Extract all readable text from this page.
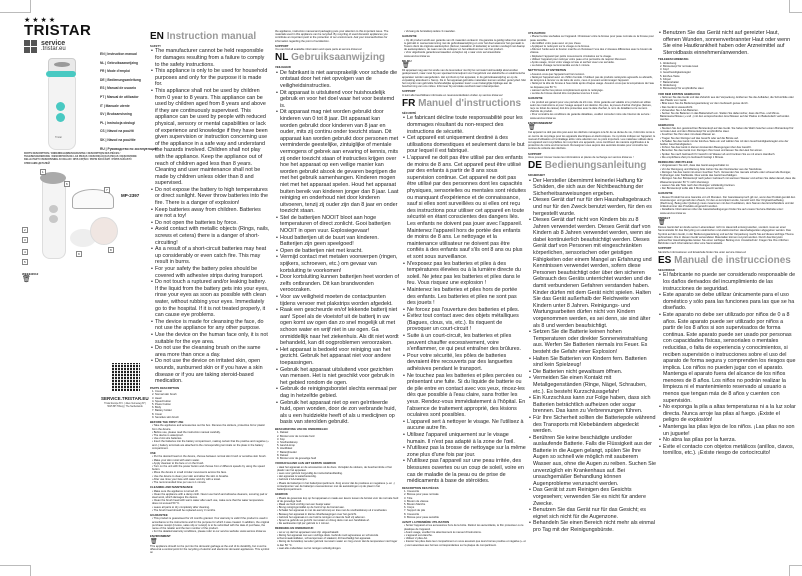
★★★★
TRISTAR
service
.tristar.eu
Tristar
EN | Instruction manual
NL | Gebruiksaanwijzing
FR | Mode d'emploi
DE | Bedienungsanleitung
ES | Manual de usuario
PT | Manual de utilizador
IT | Manuale utente
SV | Bruksanvisning
PL | Instrukcja obsługi
CS | Návod na použití
SK | Návod na použitie
RU | Руководство по эксплуатации
MP-2397
PARTS DESCRIPTION / ONDERDELENBESCHRIJVING / DESCRIPTION DES PIÈCES / TEILEBESCHREIBUNG / DESCRIPCIÓN DE LAS PIEZAS / DESCRIÇÃO DAS PEÇAS / DESCRIZIONE DELLE PARTI / BESKRIVNING AV DELAR / OPIS CZĘŚCI / POPIS SOUČÁSTÍ / POPIS SÚČASTÍ / ОПИСАНИЕ ДЕТАЛЕЙ
1
2
3
4
5
6
7
8
9
WEEE/2012
🗑
SERVICE.TRISTAR.EU
Tristar Europe B.V. | Jules Verneweg 87 | 5015 BH Tilburg | The Netherlands
EN Instruction manual
SAFETY
• The manufacturer cannot be held responsible for damages resulting from a failure to comply to the safety instructions.
• This appliance is only to be used for household purposes and only for the purpose it is made for.
• This appliance shall not be used by children from 0 year to 8 years. This appliance can be used by children aged from 8 years and above if they are continuously supervised. This appliance can be used by people with reduced physical, sensory or mental capabilities or lack of experience and knowledge if they have been given supervision or instruction concerning use of the appliance in a safe way and understand the hazards involved. Children shall not play with the appliance. Keep the appliance out of reach of children aged less than 8 years. Cleaning and user maintenance shall not be made by children unless older than 8 and supervised.
• Do not expose the battery to high temperatures or direct sunlight. Never throw batteries into the fire. There is a danger of explosion!
• Keep batteries away from children. Batteries are not a toy!
• Do not open the batteries by force.
• Avoid contact with metallic objects (Rings, nails, screws et cetera) there is a danger of short-circuiting!
• As a result of a short-circuit batteries may heat up considerably or even catch fire. This may result in burns.
• For your safety the battery poles should be covered with adhesive strips during transport.
• Do not touch a ruptured and/or leaking battery. If the liquid from the battery gets into your eyes, rinse your eyes as soon as possible with clean water, without rubbing your eyes. Immediately go to the hospital. If it is not treated properly, it can cause eye problems.
• The device is made for cleansing the face, do not use the appliance for any other purpose.
• Use the device on the human face only, it is not suitable for the eye area.
• Do not use the cleansing brush on the same area more than once a day.
• Do not use the device on irritated skin, open wounds, sunburned skin or if you have a skin disease or if you are taking steroid-based medication.
PARTS DESCRIPTION
1. Cover
2. Normal skin brush
3. Head
4. Speed button
5. Power button
6. Body
7. Battery holder
8. Cover
9. Sensitive skin brush
BEFORE THE FIRST USE
• Take the appliance and accessories out the box. Remove the stickers, protective foil or plastic from the device.
• Before use, please read the instruction manual carefully.
• The device is waterproof.
• Use 2 AA size batteries.
• Insert the batteries into the battery compartment, making certain that the positive and negative (+ and -) battery terminals are attached to the corresponding terminals on the plate in the battery compartment.
USE
• Put the desired head on the device, choose between normal skin brush or sensitive skin brush.
• Make your skin moist with warm water.
• Apply cleanser to the face or on the brush.
• Turn on the unit with the power button and choose from 2 different speeds by using the speed button.
• Move the device in small circular movements across the face.
• Use the device to clean your skin and allow the skin to breathe.
• After use rinse your face with water and dry with a towel.
• The recommended time per use is 1 minute.
CLEANING AND MAINTENANCE
• Make sure the appliance is turned off.
• Clean the appliance with a damp cloth. Never use harsh and abrasive cleaners, scouring pad or steel wool, which damages the device.
• Clean the brush head with warm water after each use, make sure that the water temperature does not exceed 50 °C.
• Leave all parts to dry completely after cleaning.
• The brush head should be replaced every 3 months.
GUARANTEE
• This product is guaranteed for 24 months granted. Your warranty is valid if the product is used in accordance to the instructions and for the purpose for which it was created. In addition, the original purchase receipt (invoice, sales slip or receipt) is to be submitted with the date of purchase, the name of the retailer and the item number of the product.
• For the detailed warranty conditions, please refer to our service website: www.service.tristar.eu
ENVIRONMENT
🗑

This appliance should not be put into the domestic garbage at the end of its durability, but must be offered at a central point for the recycling of electric and electronic domestic appliances. This symbol on

the appliance, instruction manual and packaging puts your attention to this important issue. The materials used in this appliance can be recycled. By recycling of used domestic appliances you contribute an important push to the protection of our environment. Ask your local authorities for information regarding the point of recollection.

SUPPORT

You can find all available information and spare parts at service.tristar.eu!

NL Gebruiksaanwijzing
VEILIGHEID
• De fabrikant is niet aansprakelijk voor schade die ontstaat door het niet opvolgen van de veiligheidsinstructies.
• Dit apparaat is uitsluitend voor huishoudelijk gebruik en voor het doel waar het voor bestemd is.
• Dit apparaat mag niet worden gebruikt door kinderen van 0 tot 8 jaar. Dit apparaat kan worden gebruikt door kinderen van 8 jaar en ouder, mits zij continu onder toezicht staan. Dit apparaat kan worden gebruikt door personen met verminderde geestelijke, zintuiglijke of mentale vermogens of gebrek aan ervaring of kennis, mits zij onder toezicht staan of instructies krijgen over hoe het apparaat op een veilige manier kan worden gebruikt alsook de gevaren begrijpen die met het gebruik samenhangen. Kinderen mogen niet met het apparaat spelen. Houd het apparaat buiten bereik van kinderen jonger dan 8 jaar. Laat reiniging en onderhoud niet door kinderen uitvoeren, tenzij zij ouder zijn dan 8 jaar en onder toezicht staan.
• Stel de batterijen NOOIT bloot aan hoge temperaturen of direct zonlicht. Gooi batterijen NOOIT in open vuur. Explosiegevaar!
• Houd batterijen uit de buurt van kinderen. Batterijen zijn geen speelgoed!
• Open de batterijen niet met kracht.
• Vermijd contact met metalen voorwerpen (ringen, spijkers, schroeven, etc.) om gevaar van kortsluiting te voorkomen!
• Door kortsluiting kunnen batterijen heet worden of zelfs ontbranden. Dit kan brandwonden veroorzaken.
• Voor uw veiligheid moeten de contactpunten tijdens vervoer met plakstrips worden afgedekt.
• Raak een gescheurde en/of lekkende batterij niet aan! Spoel als de vloeistof uit de batterij in uw ogen komt uw ogen dan zo snel mogelijk uit met schoon water en wrijf niet in uw ogen. Ga onmiddellijk naar het ziekenhuis. Als dit niet wordt behandeld, kan dit oogproblemen veroorzaken.
• Het apparaat is bedoeld voor reiniging van het gezicht. Gebruik het apparaat niet voor andere toepassingen.
• Gebruik het apparaat uitsluitend voor gezichten van mensen. Het is niet geschikt voor gebruik in het gebied rondom de ogen.
• Gebruik de reinigingsborstel slechts eenmaal per dag in hetzelfde gebied.
• Gebruik het apparaat niet op een geïrriteerde huid, open wonden, door de zon verbrande huid, als u een huidziekte heeft of als u medicijnen op basis van steroïden gebruikt.
BESCHRIJVING VAN DE ONDERDELEN
1. Deksel
2. Borstel voor de normale huid
3. Kop
4. Snelheidsknop
5. Aan/uit-knop
6. Hoofddeel
7. Batterijhouder
8. Deksel
9. Borstel voor de gevoelige huid
VOORAFGAAND AAN HET EERSTE GEBRUIK
• Haal het apparaat en de accessoires uit de doos. Verwijder de stickers, de beschermfolie of het plastic van het apparaat.
• Lees voor gebruik zorgvuldig de instructiehandleiding.
• Het apparaat is waterbestendig.
• Gebruik 2 AA-batterijen.
• Plaats de batterijen in het batterijcompartiment. Zorg ervoor dat de positieve en negatieve (+ en -) contactpunten van de batterijen overeenkomen met de aansluitingen op de plaat in het batterijcompartiment.
GEBRUIK
• Plaats de gewenste kop op het apparaat en maak een keuze tussen de borstel voor de normale huid of de gevoelige huid.
• Maak uw huid vochtig met een beetje water.
• Breng reinigingsmiddel op de huid of op de borstel aan.
• Schakel het apparaat in met de aan/uit-knop en kies met de snelheidsknop uit 2 snelheden.
• Beweeg het apparaat in kleine cirkelbewegingen over het gezicht.
• Gebruik het apparaat om uw huid te reinigen en laat de huid vrij ademen.
• Spoel na gebruik uw gezicht met water en droog deze met een handdoek af.
• De aanbevolen tijd per gebruik is 1 minuut.
REINIGING EN ONDERHOUD
• Let er op dat het apparaat moet zijn uitgeschakeld.
• Reinig het apparaat met een vochtige doek. Gebruik nooit agressieve en schurende schoonmaakmiddelen, schuursponsen of staalwol, dit beschadigt het apparaat.
• Reinig de borstelkop na ieder gebruik met warm water en zorg ervoor dat de temperatuur niet hoger is dan 50 °C.
• Laat alle onderdelen na het reinigen volledig drogen.
• Vervang de borstelkop iedere 3 maanden.
GARANTIE
• Op dit product wordt een garantie van 24 maanden verleend. Uw garantie is geldig indien het product is gebruikt in overeenstemming met de gebruiksaanwijzing en voor het doel waarvoor het gemaakt is. Tevens dient de originele aankoopbon (factuur, kassabon of kwitantie) te worden overlegd met daarop de aankoopdatum, de naam van de verkoper en het artikelnummer van het product.
• Voor uitgebreide garantievoorwaarden verwijzen wij u naar onze servicewebsite: www.service.tristar.eu
MILIEU
🗑

Dit apparaat mag aan het einde van de levensduur niet bij het normale huishoudelijk afval worden gedeponeerd, maar moet bij een speciaal inzamelpunt voor hergebruik van elektrische en elektronische apparaten worden aangeboden. Het symbool op het apparaat, in de gebruiksaanwijzing en op de verpakking attendeert u hierop. De in het apparaat gebruikte materialen kunnen worden gerecycled. Met het recyclen van gebruikte huishoudelijke apparaten levert u een belangrijke bijdrage aan de bescherming van ons milieu. Informeer bij uw lokale overheid naar inzamelpunten.

SUPPORT

U kunt alle beschikbare informatie en reserveonderdelen vinden op service.tristar.eu!

FR Manuel d'instructions
SÉCURITÉ
• Le fabricant décline toute responsabilité pour les dommages résultant du non-respect des instructions de sécurité.
• Cet appareil est uniquement destiné à des utilisations domestiques et seulement dans le but pour lequel il est fabriqué.
• L'appareil ne doit pas être utilisé par des enfants de moins de 8 ans. Cet appareil peut être utilisé par des enfants à partir de 8 ans sous supervision continue. Cet appareil ne doit pas être utilisé par des personnes dont les capacités physiques, sensorielles ou mentales sont réduites ou manquant d'expérience et de connaissance, sauf si elles sont surveillées ou si elles ont reçu des instructions pour utiliser cet appareil en toute sécurité en étant conscientes des dangers liés. Les enfants ne doivent pas jouer avec l'appareil. Maintenez l'appareil hors de portée des enfants de moins de 8 ans. Le nettoyage et la maintenance utilisateur ne doivent pas être confiés à des enfants sauf s'ils ont 8 ans ou plus et sont sous surveillance.
• N'exposez pas les batteries et piles à des températures élevées ou à la lumière directe du soleil. Ne jetez pas les batteries et piles dans le feu. Vous risquez une explosion !
• Maintenez les batteries et piles hors de portée des enfants. Les batteries et piles ne sont pas des jouets !
• Ne forcez pas l'ouverture des batteries et piles.
• Évitez tout contact avec des objets métalliques (Bagues, clous, vis, etc.). Ils risquent de provoquer un court-circuit !
• Suite à un court-circuit, les batteries et piles peuvent chauffer excessivement, voire s'enflammer, ce qui peut entraîner des brûlures.
• Pour votre sécurité, les pôles de batteries devraient être recouverts par des languettes adhésives pendant le transport.
• Ne touchez pas les batteries et piles percées ou présentant une fuite. Si du liquide de batterie ou de pile entre en contact avec vos yeux, rincez-les dès que possible à l'eau claire, sans frotter les yeux. Rendez-vous immédiatement à l'hôpital. En l'absence de traitement approprié, des lésions oculaires sont possibles.
• L'appareil sert à nettoyer le visage. Ne l'utilisez à aucune autre fin.
• Utilisez l'appareil uniquement sur le visage humain. Il n'est pas adapté à la zone de l'œil.
• N'utilisez pas la brosse de nettoyage sur la même zone plus d'une fois par jour.
• N'utilisez pas l'appareil sur une peau irritée, des blessures ouvertes ou un coup de soleil, voire en cas de maladie de la peau ou de prise de médicaments à base de stéroïdes.
DESCRIPTION DES PIÈCES
1. Couvercle
2. Brosse pour peau normale
3. Tête
4. Bouton de vitesse
5. Bouton Marche
6. Corps
7. Support de pile
8. Couvercle
9. Brosse pour peau sensible
AVANT LA PREMIÈRE UTILISATION
• Sortez l'appareil et les accessoires hors de la boîte. Retirez les autocollants, le film protecteur ou le plastique de l'appareil.
• Avant usage, veuillez lire attentivement le manuel d'instructions.
• L'appareil est étanche.
• Utilisez 2 piles AA.
• Insérez les piles dans leur compartiment en vous assurant que leurs bornes positive et négative (+ et -) sont associées aux bornes correspondantes sur la plaque du compartiment.
UTILISATION
• Placez la tête souhaitée sur l'appareil. Choisissez entre la brosse pour peau normale ou la brosse pour peau sensible.
• Humidifiez votre peau avec un peu d'eau.
• Appliquez le nettoyant sur le visage ou la brosse.
• Allumez l'unité avec le bouton marche et choisissez l'une des 2 vitesses différentes avec le bouton de vitesse.
• Déplacez l'appareil par petits mouvements circulaires sur le visage.
• Utilisez l'appareil pour nettoyer votre peau et lui permettre de respirer librement.
• Après usage, rincez votre visage à l'eau et séchez avec une serviette.
• La durée d'usage recommandée est de 1 minute.
NETTOYAGE ET ENTRETIEN
• Assurez-vous que l'appareil est hors tension.
• Nettoyez l'appareil avec un chiffon humide. N'utilisez pas de produits nettoyants agressifs ou abrasifs, de tampons à récurer ou de laine de verre, ceux-ci pouvant endommager l'appareil.
• Nettoyez la tête de brosse à l'eau tiède après chaque usage. Assurez-vous que la température de l'eau ne dépasse pas 50 °C.
• Laissez sécher les pièces complètement après le nettoyage.
• La tête de brosse devrait être remplacée tous les 3 mois.
GARANTIE
• Ce produit est garanti pour une période de 24 mois. Votre garantie est valable si le produit est utilisé selon les instructions et pour l'usage auquel il est destiné. De plus, la preuve d'achat d'origine (facture, reçu ou ticket de caisse) doit être présentée avec la date d'achat, le nom du détaillant et le numéro d'article du produit.
• Pour connaître les conditions de garantie détaillées, veuillez consulter notre site Internet de service : www.service.tristar.eu
ENVIRONNEMENT
🗑

Cet appareil ne doit pas être jeté avec les déchets ménagers à la fin de sa durée de vie, il doit être remis à un centre de recyclage pour les appareils électriques et électroniques. Ce symbole indiqué sur l'appareil, le manuel d'utilisation et l'emballage attire votre attention sur ce point important. Les matériaux utilisés dans cet appareil sont recyclables. En recyclant vos appareils, vous contribuez de manière significative à la protection de notre environnement. Renseignez-vous auprès des autorités locales pour connaître les centres de collecte des déchets.

SUPPORT

Vous pouvez trouver toutes les informations et pièces de rechange sur service.tristar.eu !

DE Bedienungsanleitung
SICHERHEIT
• Der Hersteller übernimmt keinerlei Haftung für Schäden, die sich aus der Nichtbeachtung der Sicherheitsanweisungen ergeben.
• Dieses Gerät darf nur für den Haushaltsgebrauch und nur für den Zweck benutzt werden, für den es hergestellt wurde.
• Dieses Gerät darf nicht von Kindern bis zu 8 Jahren verwendet werden. Dieses Gerät darf von Kindern ab 8 Jahren verwendet werden, wenn sie dabei kontinuierlich beaufsichtigt werden. Dieses Gerät darf von Personen mit eingeschränkten körperlichen, sensorischen oder geistigen Fähigkeiten oder einem Mangel an Erfahrung und Kenntnissen verwendet werden, sofern diese Personen beaufsichtigt oder über den sicheren Gebrauch des Geräts unterrichtet wurden und die damit verbundenen Gefahren verstanden haben. Kinder dürfen mit dem Gerät nicht spielen. Halten Sie das Gerät außerhalb der Reichweite von Kindern unter 8 Jahren. Reinigungs- und Wartungsarbeiten dürfen nicht von Kindern vorgenommen werden, es sei denn, sie sind älter als 8 und werden beaufsichtigt.
• Setzen Sie die Batterie keinen hohen Temperaturen oder direkter Sonneneinstrahlung aus. Werfen Sie Batterien niemals ins Feuer. Es besteht die Gefahr einer Explosion!
• Halten Sie Batterien von Kindern fern. Batterien sind kein Spielzeug!
• Die Batterien nicht gewaltsam öffnen.
• Vermeiden Sie einen Kontakt mit Metallgegenständen (Ringe, Nägel, Schrauben, etc.). Es besteht Kurzschlussgefahr!
• Ein Kurzschluss kann zur Folge haben, dass sich Batterien beträchtlich aufheizen oder sogar brennen. Das kann zu Verbrennungen führen.
• Für Ihre Sicherheit sollten die Batteriepole während des Transports mit Klebebändern abgedeckt werden.
• Berühren Sie keine beschädigte und/oder auslaufende Batterie. Falls die Flüssigkeit aus der Batterie in die Augen gelangt, spülen Sie Ihre Augen so schnell wie möglich mit sauberem Wasser aus, ohne die Augen zu reiben. Suchen Sie unverzüglich ein Krankenhaus auf. Bei unsachgemäßer Behandlung können Augenprobleme verursacht werden.
• Das Gerät ist zum Reinigen des Gesichts vorgesehen; verwenden Sie es nicht für andere Zwecke.
• Benutzen Sie das Gerät nur für das Gesicht; es eignet sich nicht für die Augenzone.
• Behandeln Sie einen Bereich nicht mehr als einmal pro Tag mit der Reinigungsbürste.
• Benutzen Sie das Gerät nicht auf gereizter Haut, offenen Wunden, sonnenverbrannter Haut oder wenn Sie eine Hautkrankheit haben oder Arzneimittel auf Steroidbasis einnehmen/anwenden.
TEILEBESCHREIBUNG
1. Abdeckung
2. Bürstenkopf für normale Haut
3. Kopf
4. Geschwindigkeitsregler
5. Ein/Aus-Taste
6. Körper
7. Batteriehalter
8. Abdeckung
9. Bürstenkopf für empfindliche Haut
VOR DEM ERSTEN GEBRAUCH
• Nehmen Sie das Gerät und das Zubehör aus der Verpackung. Entfernen Sie die Aufkleber, die Schutzfolie oder das Plastik vom Gerät.
• Bitte lesen Sie die Bedienungsanleitung vor dem Gebrauch genau durch.
• Das Gerät ist wasserdicht.
• Verwenden Sie 2 AA-Batterien.
• Setzen Sie die Batterien in das Batteriefach ein. Stellen Sie dabei sicher, dass die Plus- und Minus-Batterieanschlüsse (+ und -) mit den entsprechenden Anschlüssen auf der Platine im Batteriefach verbunden werden.
GEBRAUCH
• Stecken Sie den gewünschten Bürstenkopf auf das Gerät. Sie haben die Wahl zwischen einem Bürstenkopf für normale Haut und dem Bürstenkopf für empfindliche Haut.
• Feuchten Sie Ihre Haut mit etwas Wasser an.
• Tragen Sie den Reiniger auf das Gesicht oder auf die Bürste auf.
• Schalten Sie das Gerät mit der Ein/Aus-Taste ein und wählen Sie mit dem Geschwindigkeitsregler eine der beiden Geschwindigkeiten.
• Führen Sie das Gerät in kleinen kreisenden Bewegungen über das Gesicht.
• Benutzen Sie das Gerät zum Reinigen Ihrer Haut und lassen Sie die Haut frei atmen.
• Spülen Sie nach Gebrauch Ihr Gesicht mit Wasser ab und trocknen Sie es mit einem Handtuch.
• Die empfohlene Zeit pro Gebrauch beträgt 1 Minute.
REINIGUNG UND PFLEGE
• Vergewissern Sie sich, dass das Gerät ausgeschaltet ist.
• Vor der Reinigung und Wartung bitte ziehen Sie den Netzstecker aus der Steckdose.
• Reinigen Sie das Gerät mit einem feuchten Tuch. Verwenden Sie niemals scharfe oder scheuernde Reiniger, Topfreiniger oder Stahlwolle. Dies würde das Gerät beschädigen.
• Reinigen Sie den Bürstenkopf nach jedem Gebrauch mit warmem Wasser und achten Sie dabei darauf, dass die Wassertemperatur 50 °C nicht übersteigt.
• Lassen Sie alle Teile nach dem Reinigen vollständig trocknen.
• Der Bürstenkopf sollte alle 3 Monate ersetzt werden.
GARANTIE
• Dieses Produkt hat eine Garantie von 24 Monaten. Der Garantieanspruch gilt nur, wenn das Produkt gemäß den Anweisungen und gemäß dem Zweck, für den es konzipiert wurde, benutzt wird. Der Original-Kaufbeleg (Rechnung, Beleg oder Quittung) muss zusammen mit dem Kaufdatum, dem Namen des Einzelhändlers und der Artikelnummer des Produkts eingereicht werden.
• Detaillierte Informationen über die Garantiebedingungen finden Sie auf unserer Service-Website unter: www.service.tristar.eu
UMWELT
🗑

Dieses Gerät darf am Ende seiner Lebensdauer nicht im Hausmüll entsorgt werden, sondern muss an einer Sammelstelle für das Recycling von elektrischen und elektronischen Haushaltsgeräten abgegeben werden. Das Symbol auf dem Gerät, in der Bedienungsanleitung und auf der Verpackung macht Sie auf dieses wichtige Thema aufmerksam. Die in diesem Gerät verwendeten Materialien können recycelt werden. Durch das Recyceln gebrauchter Haushaltsgeräte leisten Sie einen wichtigen Beitrag zum Umweltschutz. Fragen Sie Ihre örtlichen Behörden nach Informationen über eine Sammelstelle.

SUPPORT

Sämtliche Informationen und Ersatzteile finden Sie unter service.tristar.eu!

ES Manual de instrucciones
SEGURIDAD
• El fabricante no puede ser considerado responsable de los daños derivados del incumplimiento de las instrucciones de seguridad.
• Este aparato se debe utilizar únicamente para el uso doméstico y sólo para las funciones para las que se ha diseñado.
• Este aparato no debe ser utilizado por niños de 0 a 8 años. Este aparato puede ser utilizado por niños a partir de los 8 años si son supervisados de forma continua. Este aparato puede ser usado por personas con capacidades físicas, sensoriales o mentales reducidas, o falta de experiencia y conocimientos, si reciben supervisión o instrucciones sobre el uso del aparato de forma segura y comprenden los riesgos que implica. Los niños no pueden jugar con el aparato. Mantenga el aparato fuera del alcance de los niños menores de 8 años. Los niños no podrán realizar la limpieza ni el mantenimiento reservado al usuario a menos que tengan más de 8 años y cuenten con supervisión.
• No exponga la pila a altas temperaturas ni a la luz solar directa. Nunca arroje las pilas al fuego. ¡Existe el peligro de explosión!
• Mantenga las pilas lejos de los niños. ¡Las pilas no son un juguete!
• No abra las pilas por la fuerza.
• Evite el contacto con objetos metálicos (anillos, clavos, tornillos, etc.). ¡Existe riesgo de cortocircuito!
